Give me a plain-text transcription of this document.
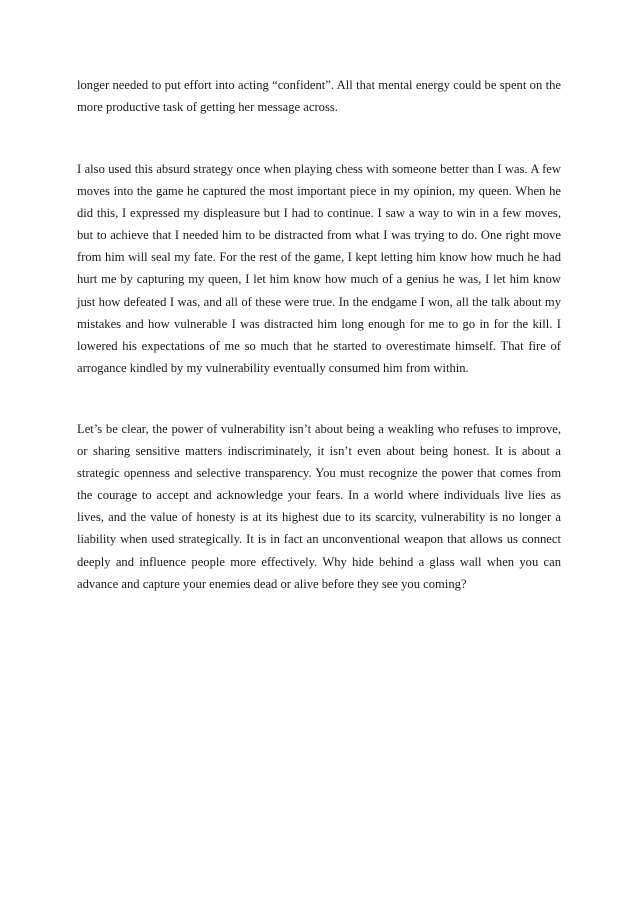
longer needed to put effort into acting “confident”. All that mental energy could be spent on the more productive task of getting her message across.

I also used this absurd strategy once when playing chess with someone better than I was. A few moves into the game he captured the most important piece in my opinion, my queen. When he did this, I expressed my displeasure but I had to continue. I saw a way to win in a few moves, but to achieve that I needed him to be distracted from what I was trying to do. One right move from him will seal my fate. For the rest of the game, I kept letting him know how much he had hurt me by capturing my queen, I let him know how much of a genius he was, I let him know just how defeated I was, and all of these were true. In the endgame I won, all the talk about my mistakes and how vulnerable I was distracted him long enough for me to go in for the kill. I lowered his expectations of me so much that he started to overestimate himself. That fire of arrogance kindled by my vulnerability eventually consumed him from within.

Let’s be clear, the power of vulnerability isn’t about being a weakling who refuses to improve, or sharing sensitive matters indiscriminately, it isn’t even about being honest. It is about a strategic openness and selective transparency. You must recognize the power that comes from the courage to accept and acknowledge your fears. In a world where individuals live lies as lives, and the value of honesty is at its highest due to its scarcity, vulnerability is no longer a liability when used strategically. It is in fact an unconventional weapon that allows us connect deeply and influence people more effectively. Why hide behind a glass wall when you can advance and capture your enemies dead or alive before they see you coming?
